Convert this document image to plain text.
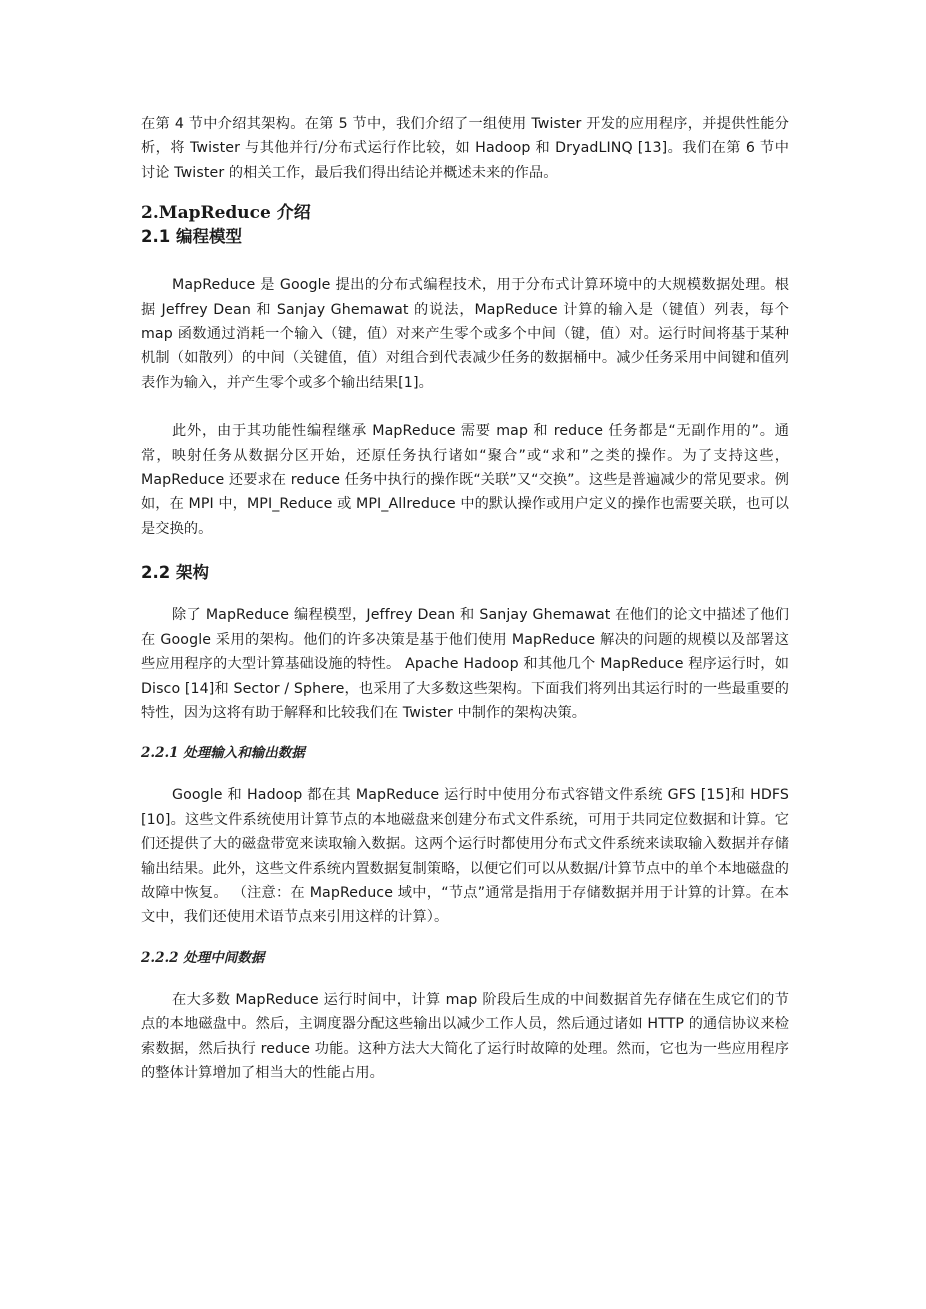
在第 4 节中介绍其架构。在第 5 节中，我们介绍了一组使用 Twister 开发的应用程序，并提供性能分析，将 Twister 与其他并行/分布式运行作比较，如 Hadoop 和 DryadLINQ [13]。我们在第 6 节中讨论 Twister 的相关工作，最后我们得出结论并概述未来的作品。

2.MapReduce 介绍
2.1 编程模型

MapReduce 是 Google 提出的分布式编程技术，用于分布式计算环境中的大规模数据处理。根据 Jeffrey Dean 和 Sanjay Ghemawat 的说法，MapReduce 计算的输入是（键值）列表，每个 map 函数通过消耗一个输入（键，值）对来产生零个或多个中间（键，值）对。运行时间将基于某种机制（如散列）的中间（关键值，值）对组合到代表减少任务的数据桶中。减少任务采用中间键和值列表作为输入，并产生零个或多个输出结果[1]。

此外，由于其功能性编程继承 MapReduce 需要 map 和 reduce 任务都是“无副作用的”。通常，映射任务从数据分区开始，还原任务执行诸如“聚合”或“求和”之类的操作。为了支持这些，MapReduce 还要求在 reduce 任务中执行的操作既“关联”又“交换”。这些是普遍减少的常见要求。例如，在 MPI 中，MPI_Reduce 或 MPI_Allreduce 中的默认操作或用户定义的操作也需要关联，也可以是交换的。

2.2 架构

除了 MapReduce 编程模型，Jeffrey Dean 和 Sanjay Ghemawat 在他们的论文中描述了他们在 Google 采用的架构。他们的许多决策是基于他们使用 MapReduce 解决的问题的规模以及部署这些应用程序的大型计算基础设施的特性。 Apache Hadoop 和其他几个 MapReduce 程序运行时，如 Disco [14]和 Sector / Sphere，也采用了大多数这些架构。下面我们将列出其运行时的一些最重要的特性，因为这将有助于解释和比较我们在 Twister 中制作的架构决策。

2.2.1 处理输入和输出数据

Google 和 Hadoop 都在其 MapReduce 运行时中使用分布式容错文件系统 GFS [15]和 HDFS [10]。这些文件系统使用计算节点的本地磁盘来创建分布式文件系统，可用于共同定位数据和计算。它们还提供了大的磁盘带宽来读取输入数据。这两个运行时都使用分布式文件系统来读取输入数据并存储输出结果。此外，这些文件系统内置数据复制策略，以便它们可以从数据/计算节点中的单个本地磁盘的故障中恢复。 （注意：在 MapReduce 域中，“节点”通常是指用于存储数据并用于计算的计算。在本文中，我们还使用术语节点来引用这样的计算）。

2.2.2 处理中间数据

在大多数 MapReduce 运行时间中，计算 map 阶段后生成的中间数据首先存储在生成它们的节点的本地磁盘中。然后，主调度器分配这些输出以减少工作人员，然后通过诸如 HTTP 的通信协议来检索数据，然后执行 reduce 功能。这种方法大大简化了运行时故障的处理。然而，它也为一些应用程序的整体计算增加了相当大的性能占用。
